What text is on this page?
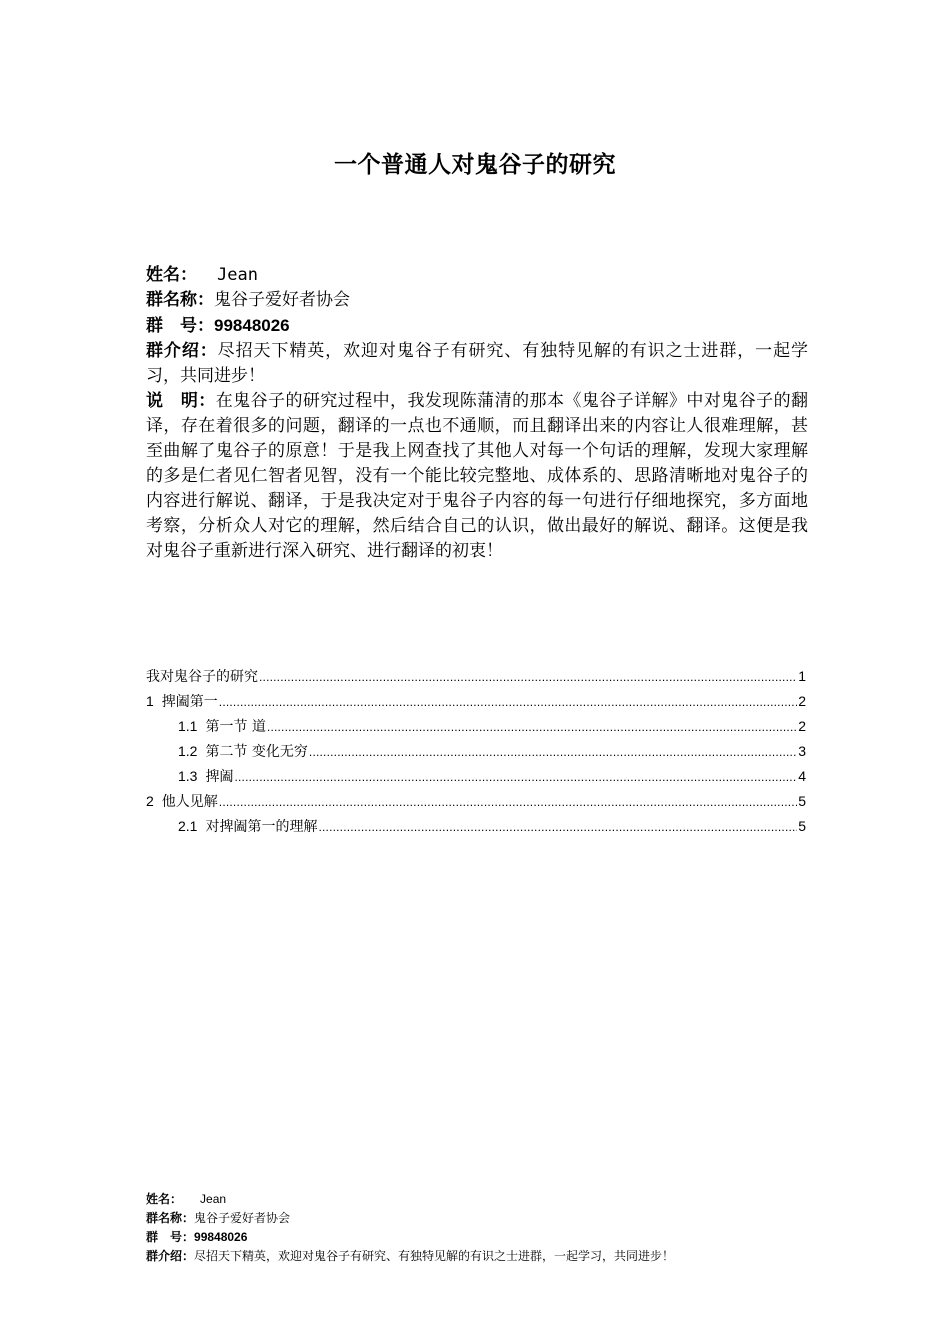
一个普通人对鬼谷子的研究

姓名： Jean

群名称：鬼谷子爱好者协会

群　号：99848026

群介绍：尽招天下精英，欢迎对鬼谷子有研究、有独特见解的有识之士进群，一起学习，共同进步！

说　明：在鬼谷子的研究过程中，我发现陈蒲清的那本《鬼谷子详解》中对鬼谷子的翻译，存在着很多的问题，翻译的一点也不通顺，而且翻译出来的内容让人很难理解，甚至曲解了鬼谷子的原意！于是我上网查找了其他人对每一个句话的理解，发现大家理解的多是仁者见仁智者见智，没有一个能比较完整地、成体系的、思路清晰地对鬼谷子的内容进行解说、翻译，于是我决定对于鬼谷子内容的每一句进行仔细地探究，多方面地考察，分析众人对它的理解，然后结合自己的认识，做出最好的解说、翻译。这便是我对鬼谷子重新进行深入研究、进行翻译的初衷！

我对鬼谷子的研究 .....	1
1 捭阖第一 .....	2
1.1 第一节 道 .....	2
1.2 第二节 变化无穷 .....	3
1.3 捭阖 .....	4
2 他人见解 .....	5
2.1 对捭阖第一的理解 .....	5
姓名： Jean
群名称：鬼谷子爱好者协会
群　号：99848026
群介绍：尽招天下精英，欢迎对鬼谷子有研究、有独特见解的有识之士进群，一起学习，共同进步！
